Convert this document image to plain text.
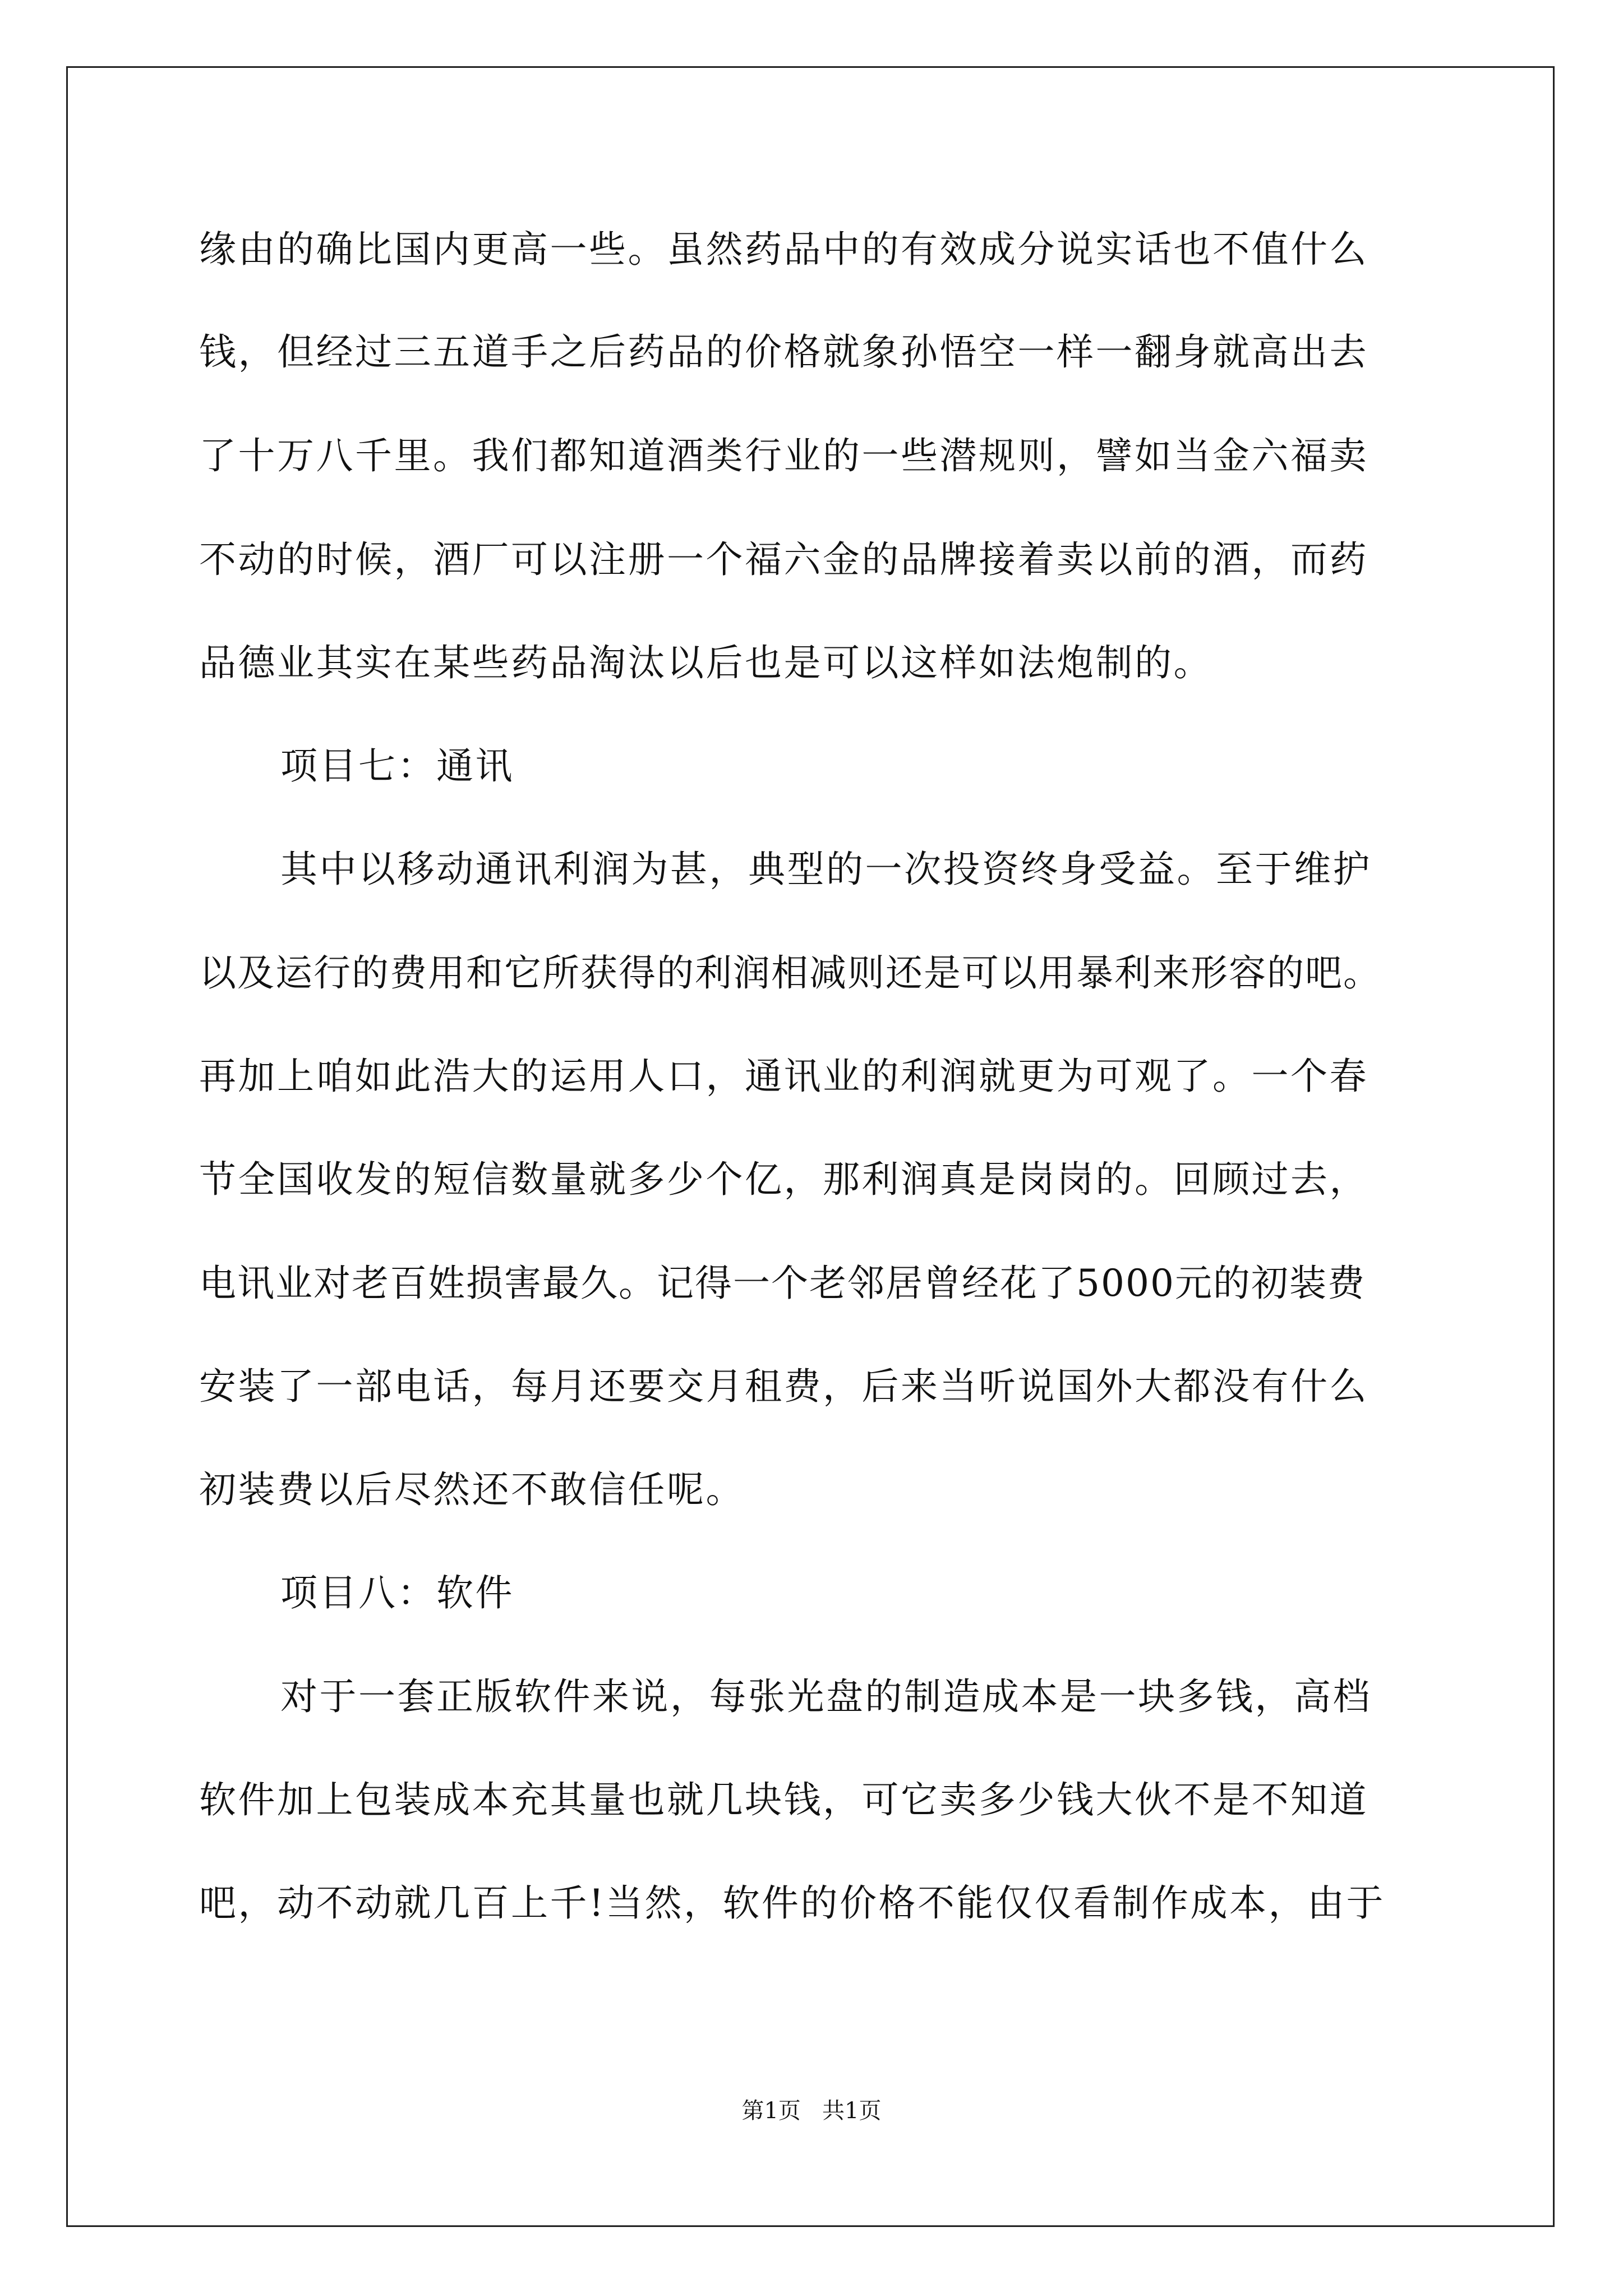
缘由的确比国内更高一些。虽然药品中的有效成分说实话也不值什么
钱，但经过三五道手之后药品的价格就象孙悟空一样一翻身就高出去
了十万八千里。我们都知道酒类行业的一些潜规则，譬如当金六福卖
不动的时候，酒厂可以注册一个福六金的品牌接着卖以前的酒，而药
品德业其实在某些药品淘汰以后也是可以这样如法炮制的。
项目七：通讯
其中以移动通讯利润为甚，典型的一次投资终身受益。至于维护
以及运行的费用和它所获得的利润相减则还是可以用暴利来形容的吧。
再加上咱如此浩大的运用人口，通讯业的利润就更为可观了。一个春
节全国收发的短信数量就多少个亿，那利润真是岗岗的。回顾过去，
电讯业对老百姓损害最久。记得一个老邻居曾经花了5000元的初装费
安装了一部电话，每月还要交月租费，后来当听说国外大都没有什么
初装费以后尽然还不敢信任呢。
项目八：软件
对于一套正版软件来说，每张光盘的制造成本是一块多钱，高档
软件加上包装成本充其量也就几块钱，可它卖多少钱大伙不是不知道
吧，动不动就几百上千!当然，软件的价格不能仅仅看制作成本，由于
第1页   共1页
